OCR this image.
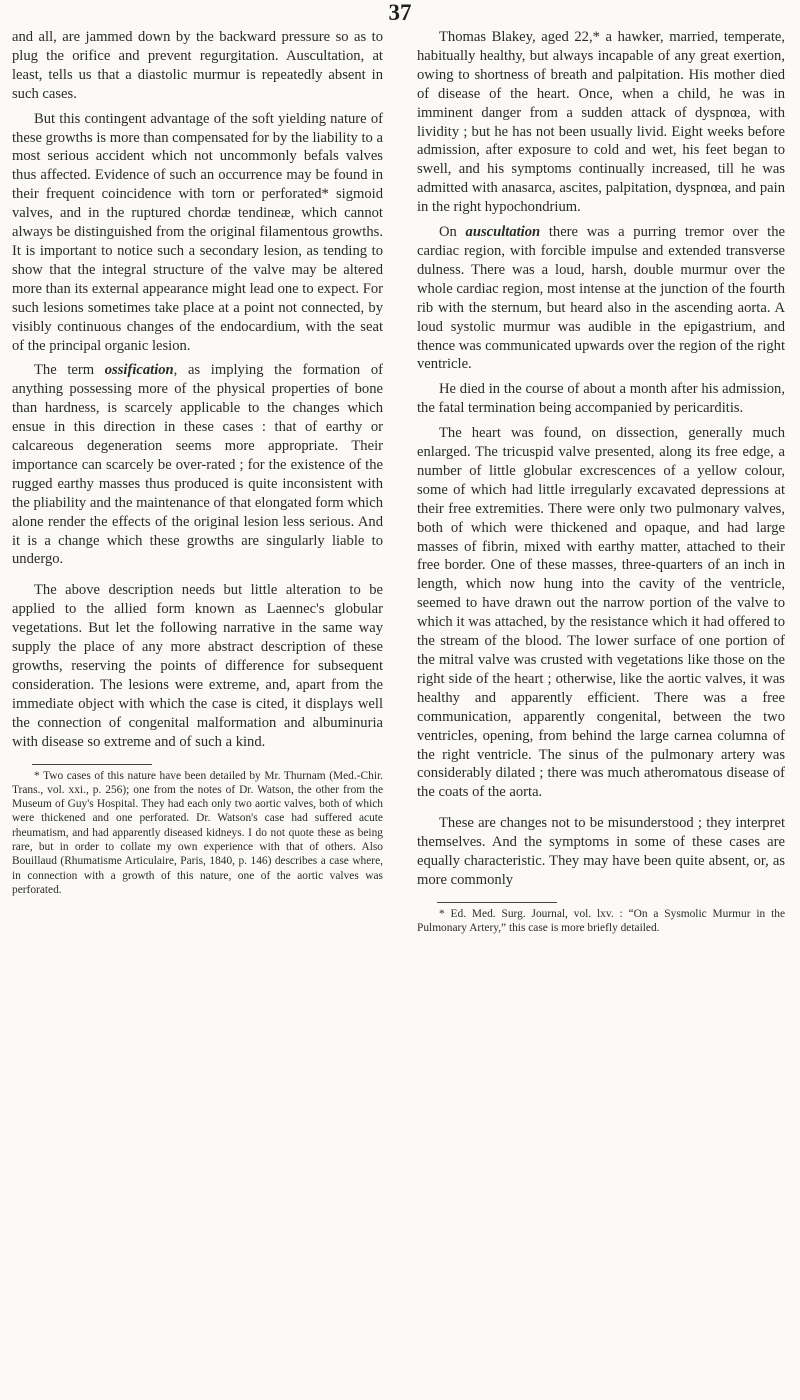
37

and all, are jammed down by the backward pressure so as to plug the orifice and prevent regurgitation. Auscultation, at least, tells us that a diastolic murmur is repeatedly absent in such cases.

But this contingent advantage of the soft yielding nature of these growths is more than compensated for by the liability to a most serious accident which not uncommonly befals valves thus affected. Evidence of such an occurrence may be found in their frequent coincidence with torn or perforated* sigmoid valves, and in the ruptured chordæ tendineæ, which cannot always be distinguished from the original filamentous growths. It is important to notice such a secondary lesion, as tending to show that the integral structure of the valve may be altered more than its external appearance might lead one to expect. For such lesions sometimes take place at a point not connected, by visibly continuous changes of the endocardium, with the seat of the principal organic lesion.

The term ossification, as implying the formation of anything possessing more of the physical properties of bone than hardness, is scarcely applicable to the changes which ensue in this direction in these cases : that of earthy or calcareous degeneration seems more appropriate. Their importance can scarcely be over-rated ; for the existence of the rugged earthy masses thus produced is quite inconsistent with the pliability and the maintenance of that elongated form which alone render the effects of the original lesion less serious. And it is a change which these growths are singularly liable to undergo.

The above description needs but little alteration to be applied to the allied form known as Laennec's globular vegetations. But let the following narrative in the same way supply the place of any more abstract description of these growths, reserving the points of difference for subsequent consideration. The lesions were extreme, and, apart from the immediate object with which the case is cited, it displays well the connection of congenital malformation and albuminuria with disease so extreme and of such a kind.

* Two cases of this nature have been detailed by Mr. Thurnam (Med.-Chir. Trans., vol. xxi., p. 256); one from the notes of Dr. Watson, the other from the Museum of Guy's Hospital. They had each only two aortic valves, both of which were thickened and one perforated. Dr. Watson's case had suffered acute rheumatism, and had apparently diseased kidneys. I do not quote these as being rare, but in order to collate my own experience with that of others. Also Bouillaud (Rhumatisme Articulaire, Paris, 1840, p. 146) describes a case where, in connection with a growth of this nature, one of the aortic valves was perforated.

Thomas Blakey, aged 22,* a hawker, married, temperate, habitually healthy, but always incapable of any great exertion, owing to shortness of breath and palpitation. His mother died of disease of the heart. Once, when a child, he was in imminent danger from a sudden attack of dyspnœa, with lividity ; but he has not been usually livid. Eight weeks before admission, after exposure to cold and wet, his feet began to swell, and his symptoms continually increased, till he was admitted with anasarca, ascites, palpitation, dyspnœa, and pain in the right hypochondrium.

On auscultation there was a purring tremor over the cardiac region, with forcible impulse and extended transverse dulness. There was a loud, harsh, double murmur over the whole cardiac region, most intense at the junction of the fourth rib with the sternum, but heard also in the ascending aorta. A loud systolic murmur was audible in the epigastrium, and thence was communicated upwards over the region of the right ventricle.

He died in the course of about a month after his admission, the fatal termination being accompanied by pericarditis.

The heart was found, on dissection, generally much enlarged. The tricuspid valve presented, along its free edge, a number of little globular excrescences of a yellow colour, some of which had little irregularly excavated depressions at their free extremities. There were only two pulmonary valves, both of which were thickened and opaque, and had large masses of fibrin, mixed with earthy matter, attached to their free border. One of these masses, three-quarters of an inch in length, which now hung into the cavity of the ventricle, seemed to have drawn out the narrow portion of the valve to which it was attached, by the resistance which it had offered to the stream of the blood. The lower surface of one portion of the mitral valve was crusted with vegetations like those on the right side of the heart ; otherwise, like the aortic valves, it was healthy and apparently efficient. There was a free communication, apparently congenital, between the two ventricles, opening, from behind the large carnea columna of the right ventricle. The sinus of the pulmonary artery was considerably dilated ; there was much atheromatous disease of the coats of the aorta.

These are changes not to be misunderstood ; they interpret themselves. And the symptoms in some of these cases are equally characteristic. They may have been quite absent, or, as more commonly

* Ed. Med. Surg. Journal, vol. lxv. : “On a Sysmolic Murmur in the Pulmonary Artery,” this case is more briefly detailed.
